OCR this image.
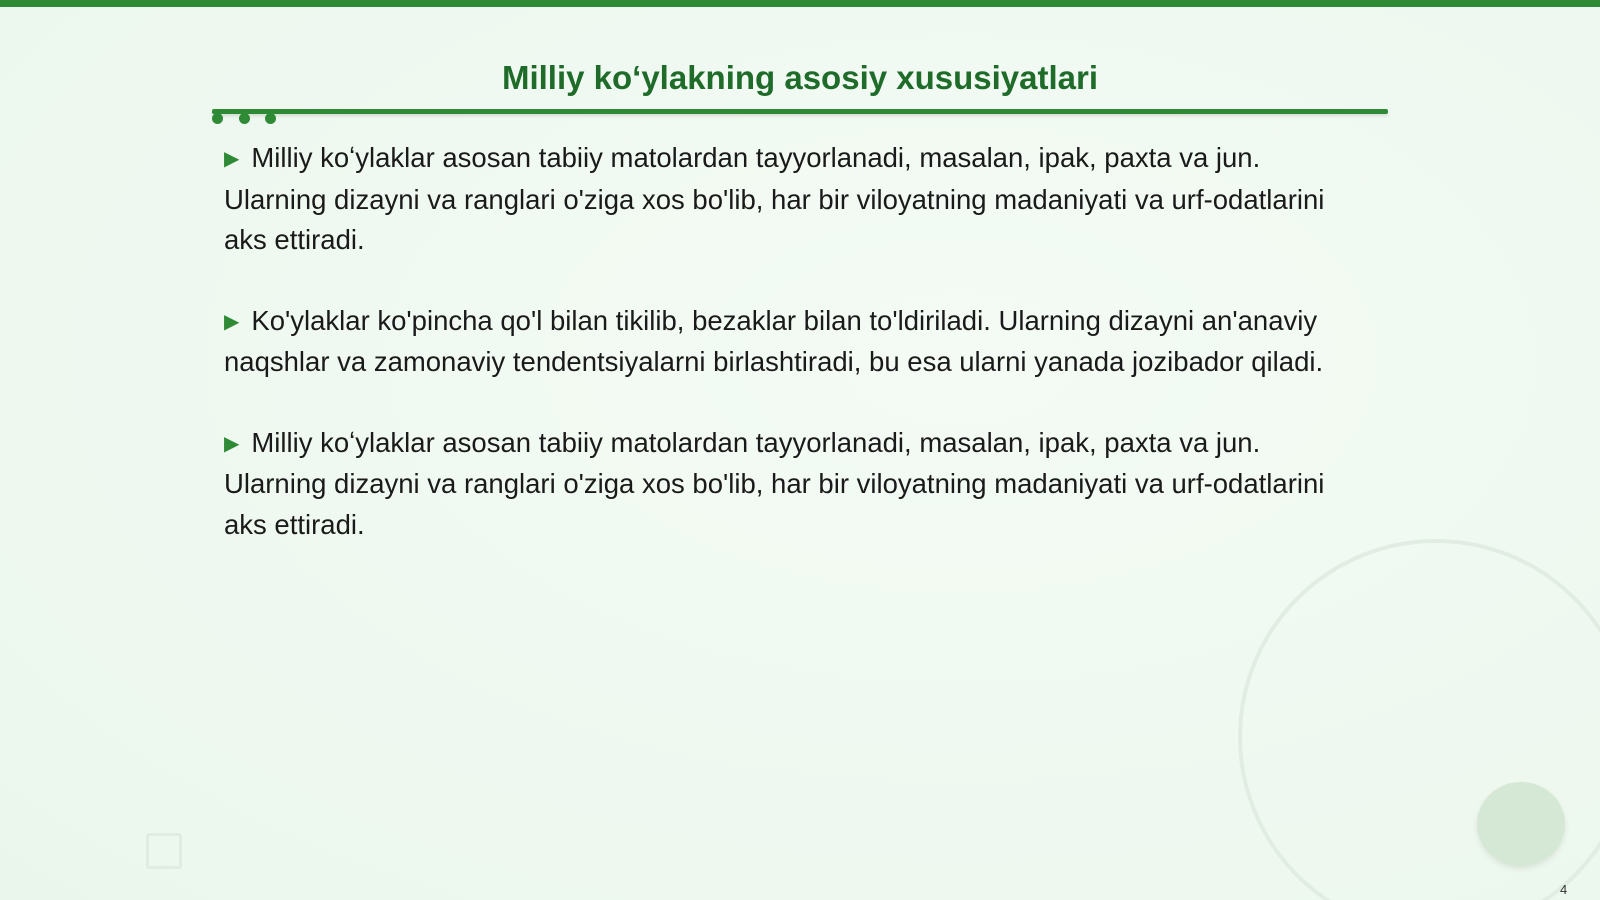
Milliy koʻylakning asosiy xususiyatlari
▶ Milliy koʻylaklar asosan tabiiy matolardan tayyorlanadi, masalan, ipak, paxta va jun. Ularning dizayni va ranglari o'ziga xos bo'lib, har bir viloyatning madaniyati va urf-odatlarini aks ettiradi.
▶ Ko'ylaklar ko'pincha qo'l bilan tikilib, bezaklar bilan to'ldiriladi. Ularning dizayni an'anaviy naqshlar va zamonaviy tendentsiyalarni birlashtiradi, bu esa ularni yanada jozibador qiladi.
▶ Milliy koʻylaklar asosan tabiiy matolardan tayyorlanadi, masalan, ipak, paxta va jun. Ularning dizayni va ranglari o'ziga xos bo'lib, har bir viloyatning madaniyati va urf-odatlarini aks ettiradi.
4
